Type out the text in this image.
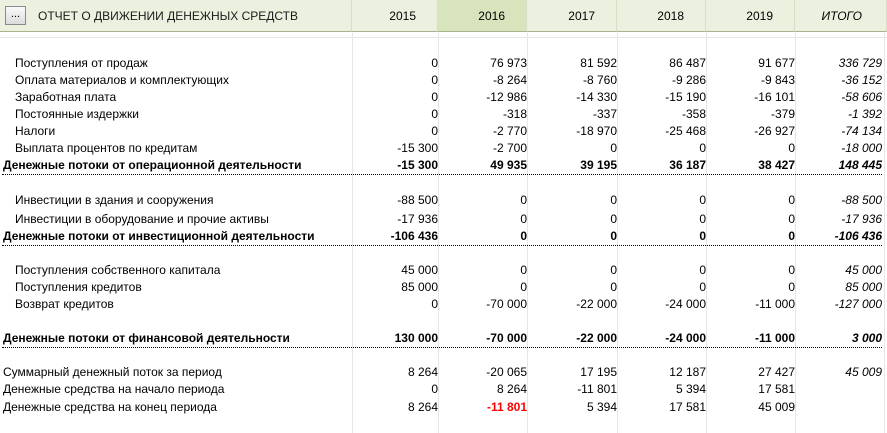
...	ОТЧЕТ О ДВИЖЕНИИ ДЕНЕЖНЫХ СРЕДСТВ	2015	2016	2017	2018	2019	ИТОГО
Поступления от продаж	0	76 973	81 592	86 487	91 677	336 729
Оплата материалов и комплектующих	0	-8 264	-8 760	-9 286	-9 843	-36 152
Заработная плата	0	-12 986	-14 330	-15 190	-16 101	-58 606
Постоянные издержки	0	-318	-337	-358	-379	-1 392
Налоги	0	-2 770	-18 970	-25 468	-26 927	-74 134
Выплата процентов по кредитам	-15 300	-2 700	0	0	0	-18 000
Денежные потоки от операционной деятельности	-15 300	49 935	39 195	36 187	38 427	148 445
Инвестиции в здания и сооружения	-88 500	0	0	0	0	-88 500
Инвестиции в оборудование и прочие активы	-17 936	0	0	0	0	-17 936
Денежные потоки от инвестиционной деятельности	-106 436	0	0	0	0	-106 436
Поступления собственного капитала	45 000	0	0	0	0	45 000
Поступления кредитов	85 000	0	0	0	0	85 000
Возврат кредитов	0	-70 000	-22 000	-24 000	-11 000	-127 000
Денежные потоки от финансовой деятельности	130 000	-70 000	-22 000	-24 000	-11 000	3 000
Суммарный денежный поток за период	8 264	-20 065	17 195	12 187	27 427	45 009
Денежные средства на начало периода	0	8 264	-11 801	5 394	17 581
Денежные средства на конец периода	8 264	-11 801	5 394	17 581	45 009
